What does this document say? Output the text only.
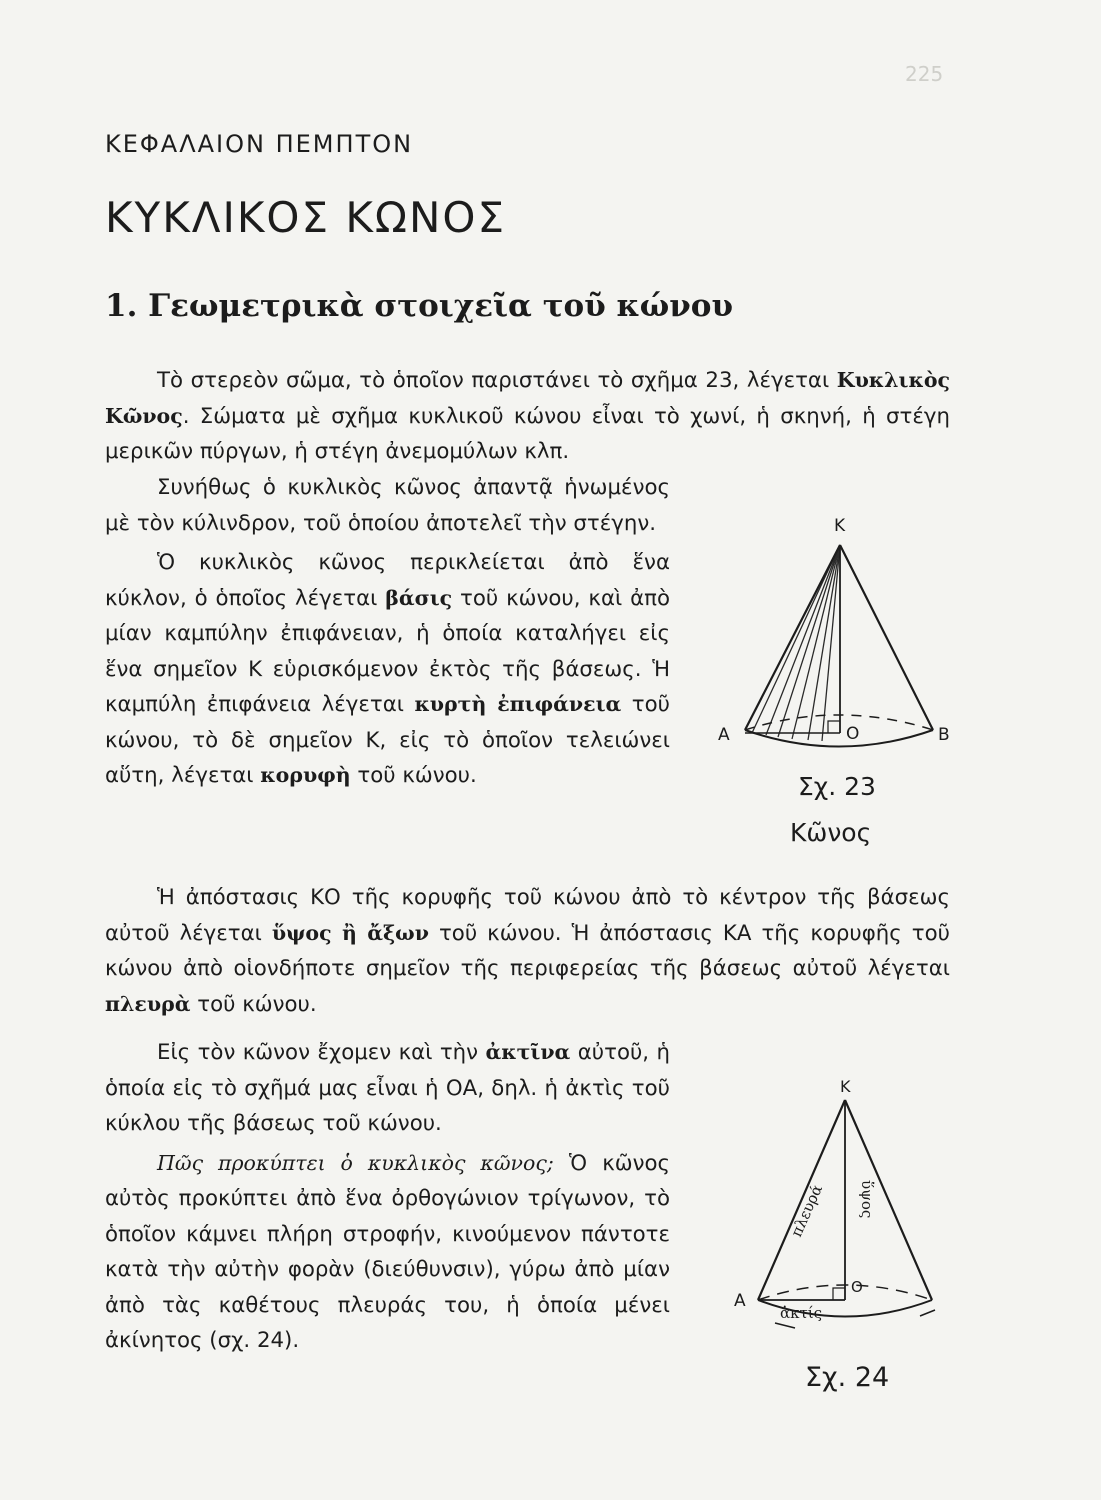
225
ΚΕΦΑΛΑΙΟΝ ΠΕΜΠΤΟΝ
ΚΥΚΛΙΚΟΣ ΚΩΝΟΣ
1. Γεωμετρικὰ στοιχεῖα τοῦ κώνου
Τὸ στερεὸν σῶμα, τὸ ὁποῖον παριστάνει τὸ σχῆμα 23, λέγεται Κυκλικὸς Κῶνος. Σώματα μὲ σχῆμα κυκλικοῦ κώνου εἶναι τὸ χωνί, ἡ σκηνή, ἡ στέγη μερικῶν πύργων, ἡ στέγη ἀνεμομύλων κλπ.

Συνήθως ὁ κυκλικὸς κῶνος ἀπαντᾷ ἡνωμένος μὲ τὸν κύλινδρον, τοῦ ὁποίου ἀποτελεῖ τὴν στέγην.

Ὁ κυκλικὸς κῶνος περικλείεται ἀπὸ ἕνα κύκλον, ὁ ὁποῖος λέγεται βάσις τοῦ κώνου, καὶ ἀπὸ μίαν καμπύλην ἐπιφάνειαν, ἡ ὁποία καταλήγει εἰς ἕνα σημεῖον Κ εὑρισκόμενον ἐκτὸς τῆς βάσεως. Ἡ καμπύλη ἐπιφάνεια λέγεται κυρτὴ ἐπιφάνεια τοῦ κώνου, τὸ δὲ σημεῖον Κ, εἰς τὸ ὁποῖον τελειώνει αὕτη, λέγεται κορυφὴ τοῦ κώνου.

Ἡ ἀπόστασις ΚΟ τῆς κορυφῆς τοῦ κώνου ἀπὸ τὸ κέντρον τῆς βάσεως αὐτοῦ λέγεται ὕψος ἢ ἄξων τοῦ κώνου. Ἡ ἀπόστασις ΚΑ τῆς κορυφῆς τοῦ κώνου ἀπὸ οἱονδήποτε σημεῖον τῆς περιφερείας τῆς βάσεως αὐτοῦ λέγεται πλευρὰ τοῦ κώνου.

Εἰς τὸν κῶνον ἔχομεν καὶ τὴν ἀκτῖνα αὐτοῦ, ἡ ὁποία εἰς τὸ σχῆμά μας εἶναι ἡ ΟΑ, δηλ. ἡ ἀκτὶς τοῦ κύκλου τῆς βάσεως τοῦ κώνου.

Πῶς προκύπτει ὁ κυκλικὸς κῶνος; Ὁ κῶνος αὐτὸς προκύπτει ἀπὸ ἕνα ὀρθογώνιον τρίγωνον, τὸ ὁποῖον κάμνει πλήρη στροφήν, κινούμενον πάντοτε κατὰ τὴν αὐτὴν φορὰν (διεύθυνσιν), γύρω ἀπὸ μίαν ἀπὸ τὰς καθέτους πλευράς του, ἡ ὁποία μένει ἀκίνητος (σχ. 24).

Κ
Α	Β
Ο
Σχ. 23
Κῶνος
Κ
Α
Ο
πλευρά ὕψος
ἀκτίς
Σχ. 24
